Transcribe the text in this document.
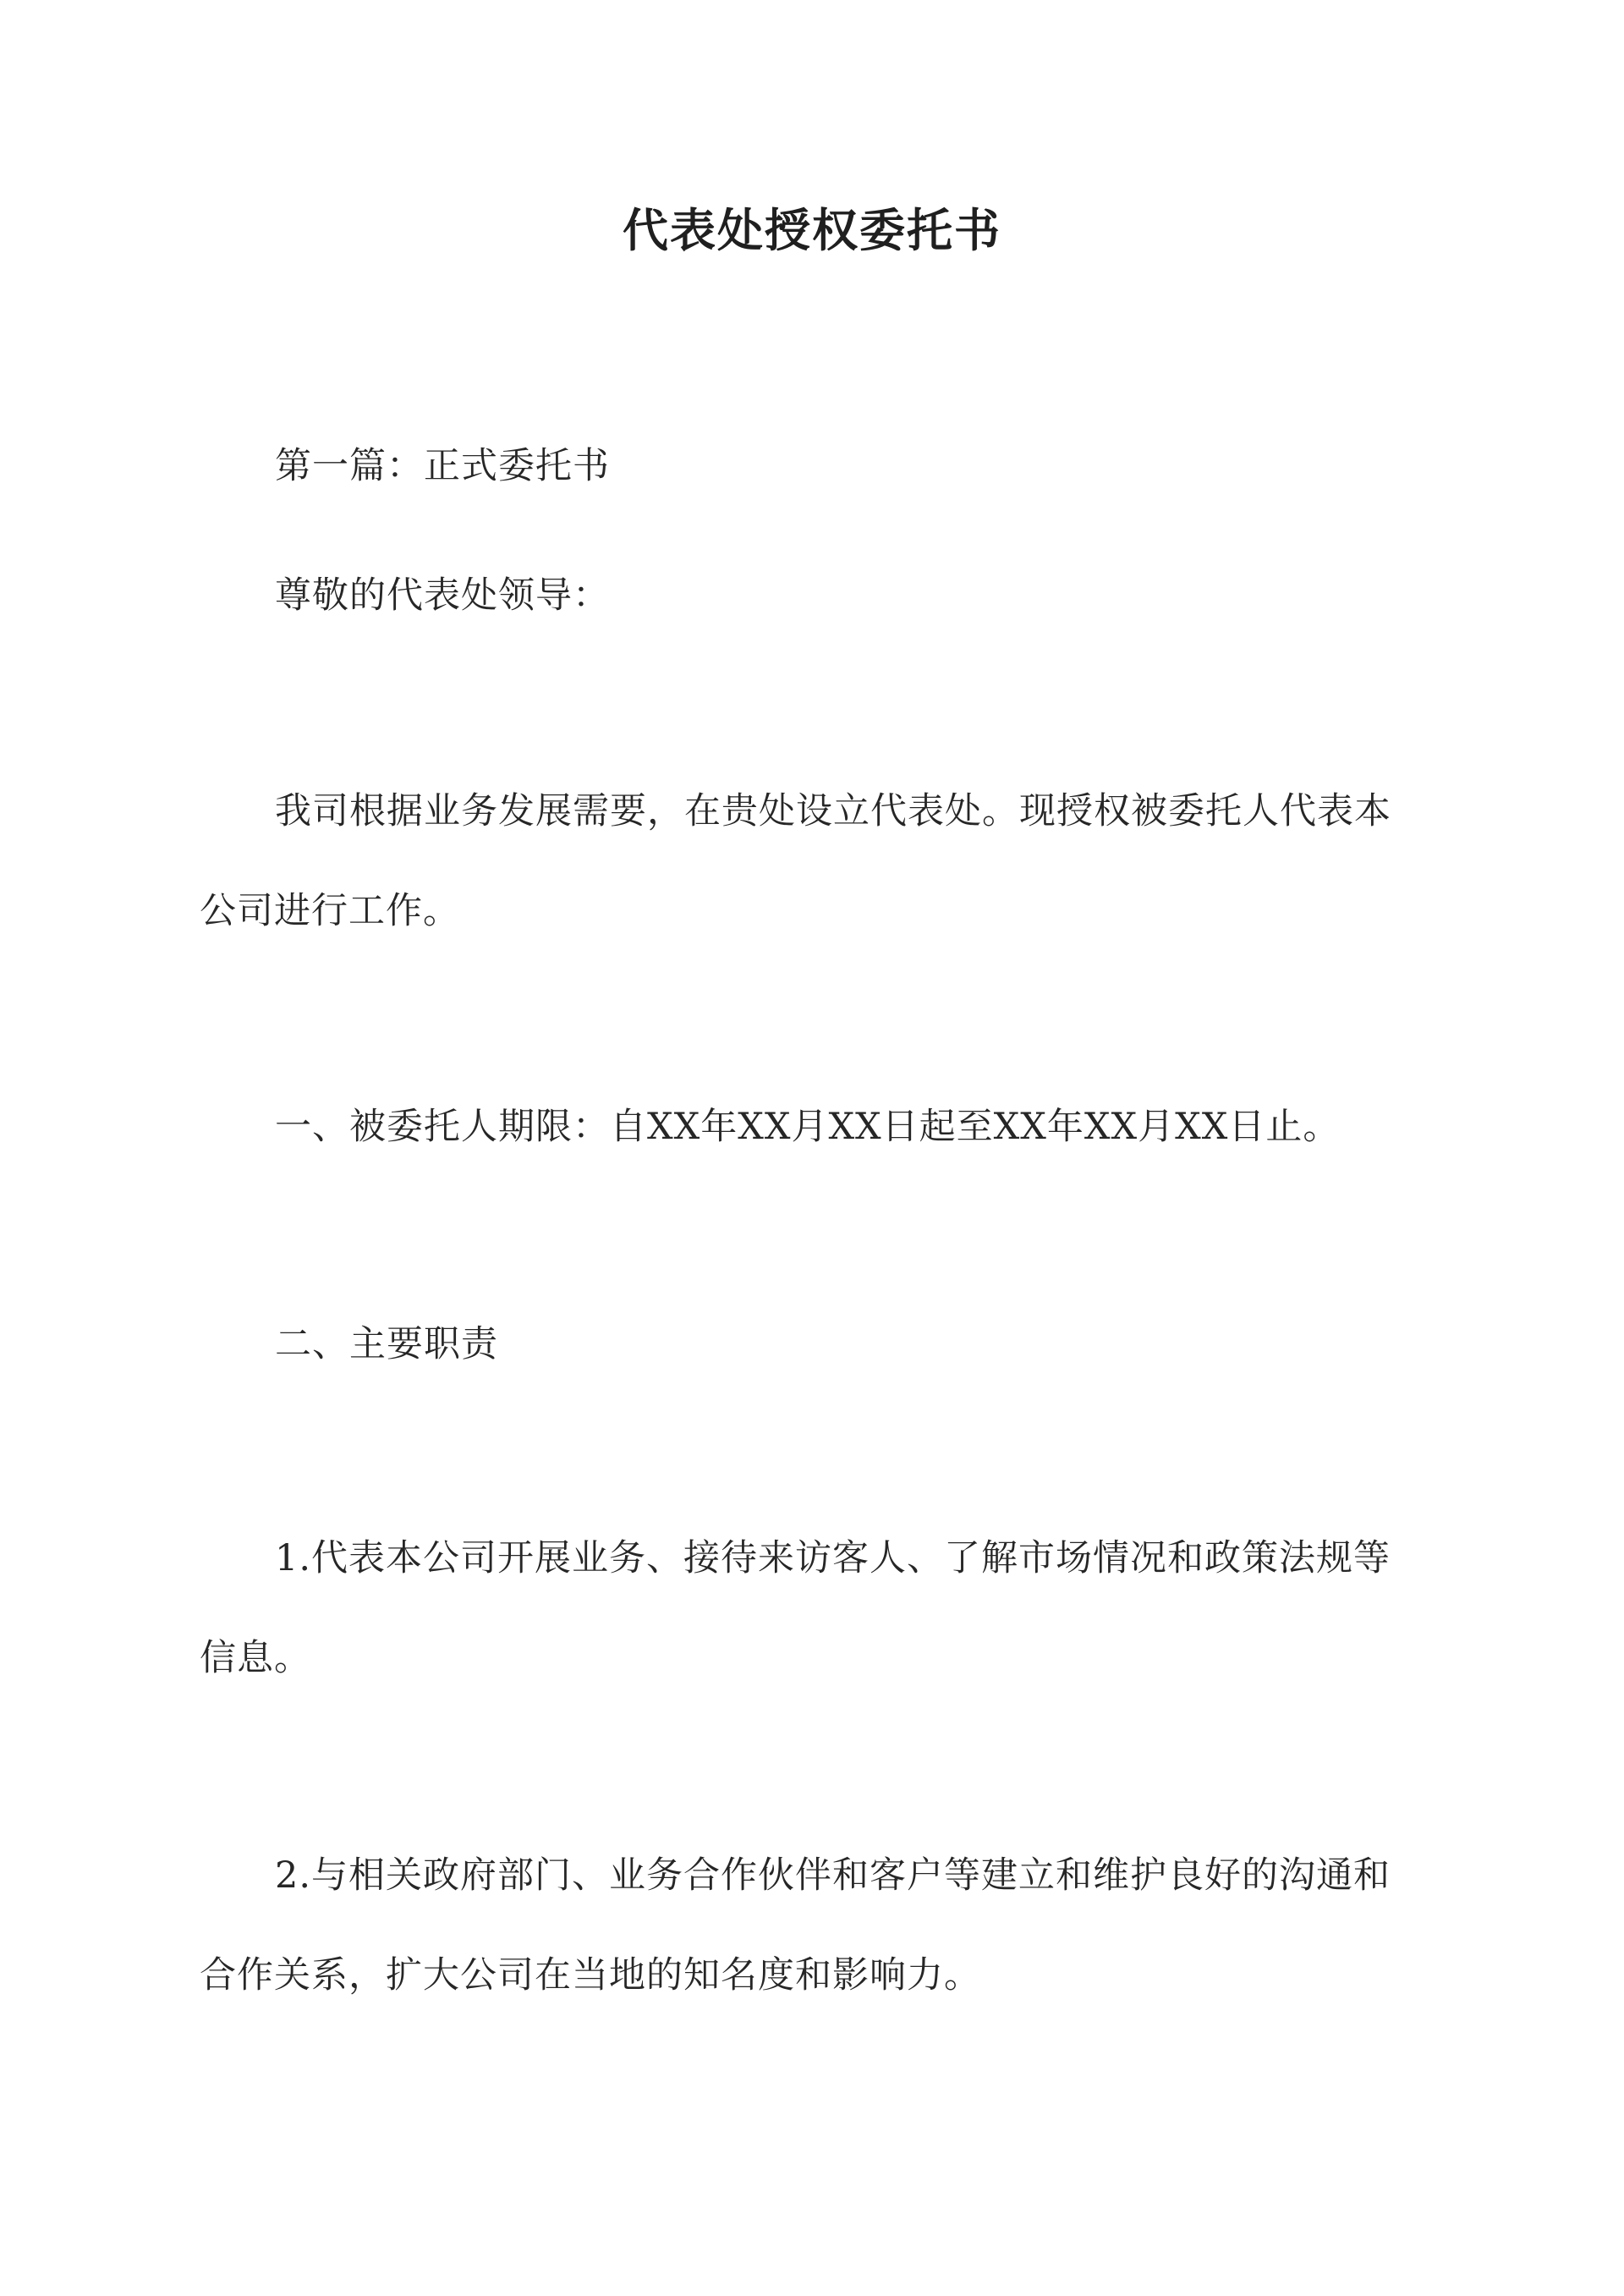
代表处授权委托书

第一篇：正式委托书

尊敬的代表处领导：

我司根据业务发展需要，在贵处设立代表处。现授权被委托人代表本公司进行工作。

一、被委托人期限：自XX年XX月XX日起至XX年XX月XX日止。

二、主要职责

1.代表本公司开展业务、接待来访客人、了解市场情况和政策法规等信息。

2.与相关政府部门、业务合作伙伴和客户等建立和维护良好的沟通和合作关系，扩大公司在当地的知名度和影响力。
